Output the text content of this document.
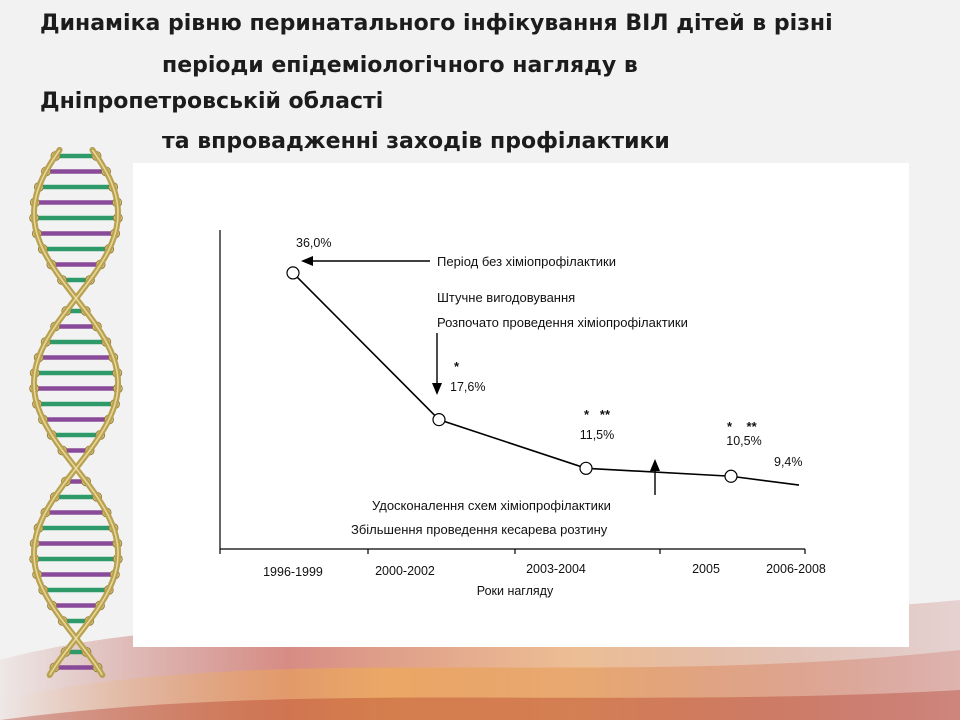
Динаміка рівню перинатального інфікування ВІЛ дітей в різні
періоди епідеміологічного нагляду в
Дніпропетровській області
та впровадженні заходів профілактики
1996-1999	2000-2002	2003-2004	2005	2006-2008
Роки нагляду
36,0%
17,6%
11,5%	10,5%
9,4%
*
*   **
*    **
Період без хіміопрофілактики
Штучне вигодовування
Розпочато проведення хіміопрофілактики
Удосконалення схем хіміопрофілактики
Збільшення проведення кесарева розтину
